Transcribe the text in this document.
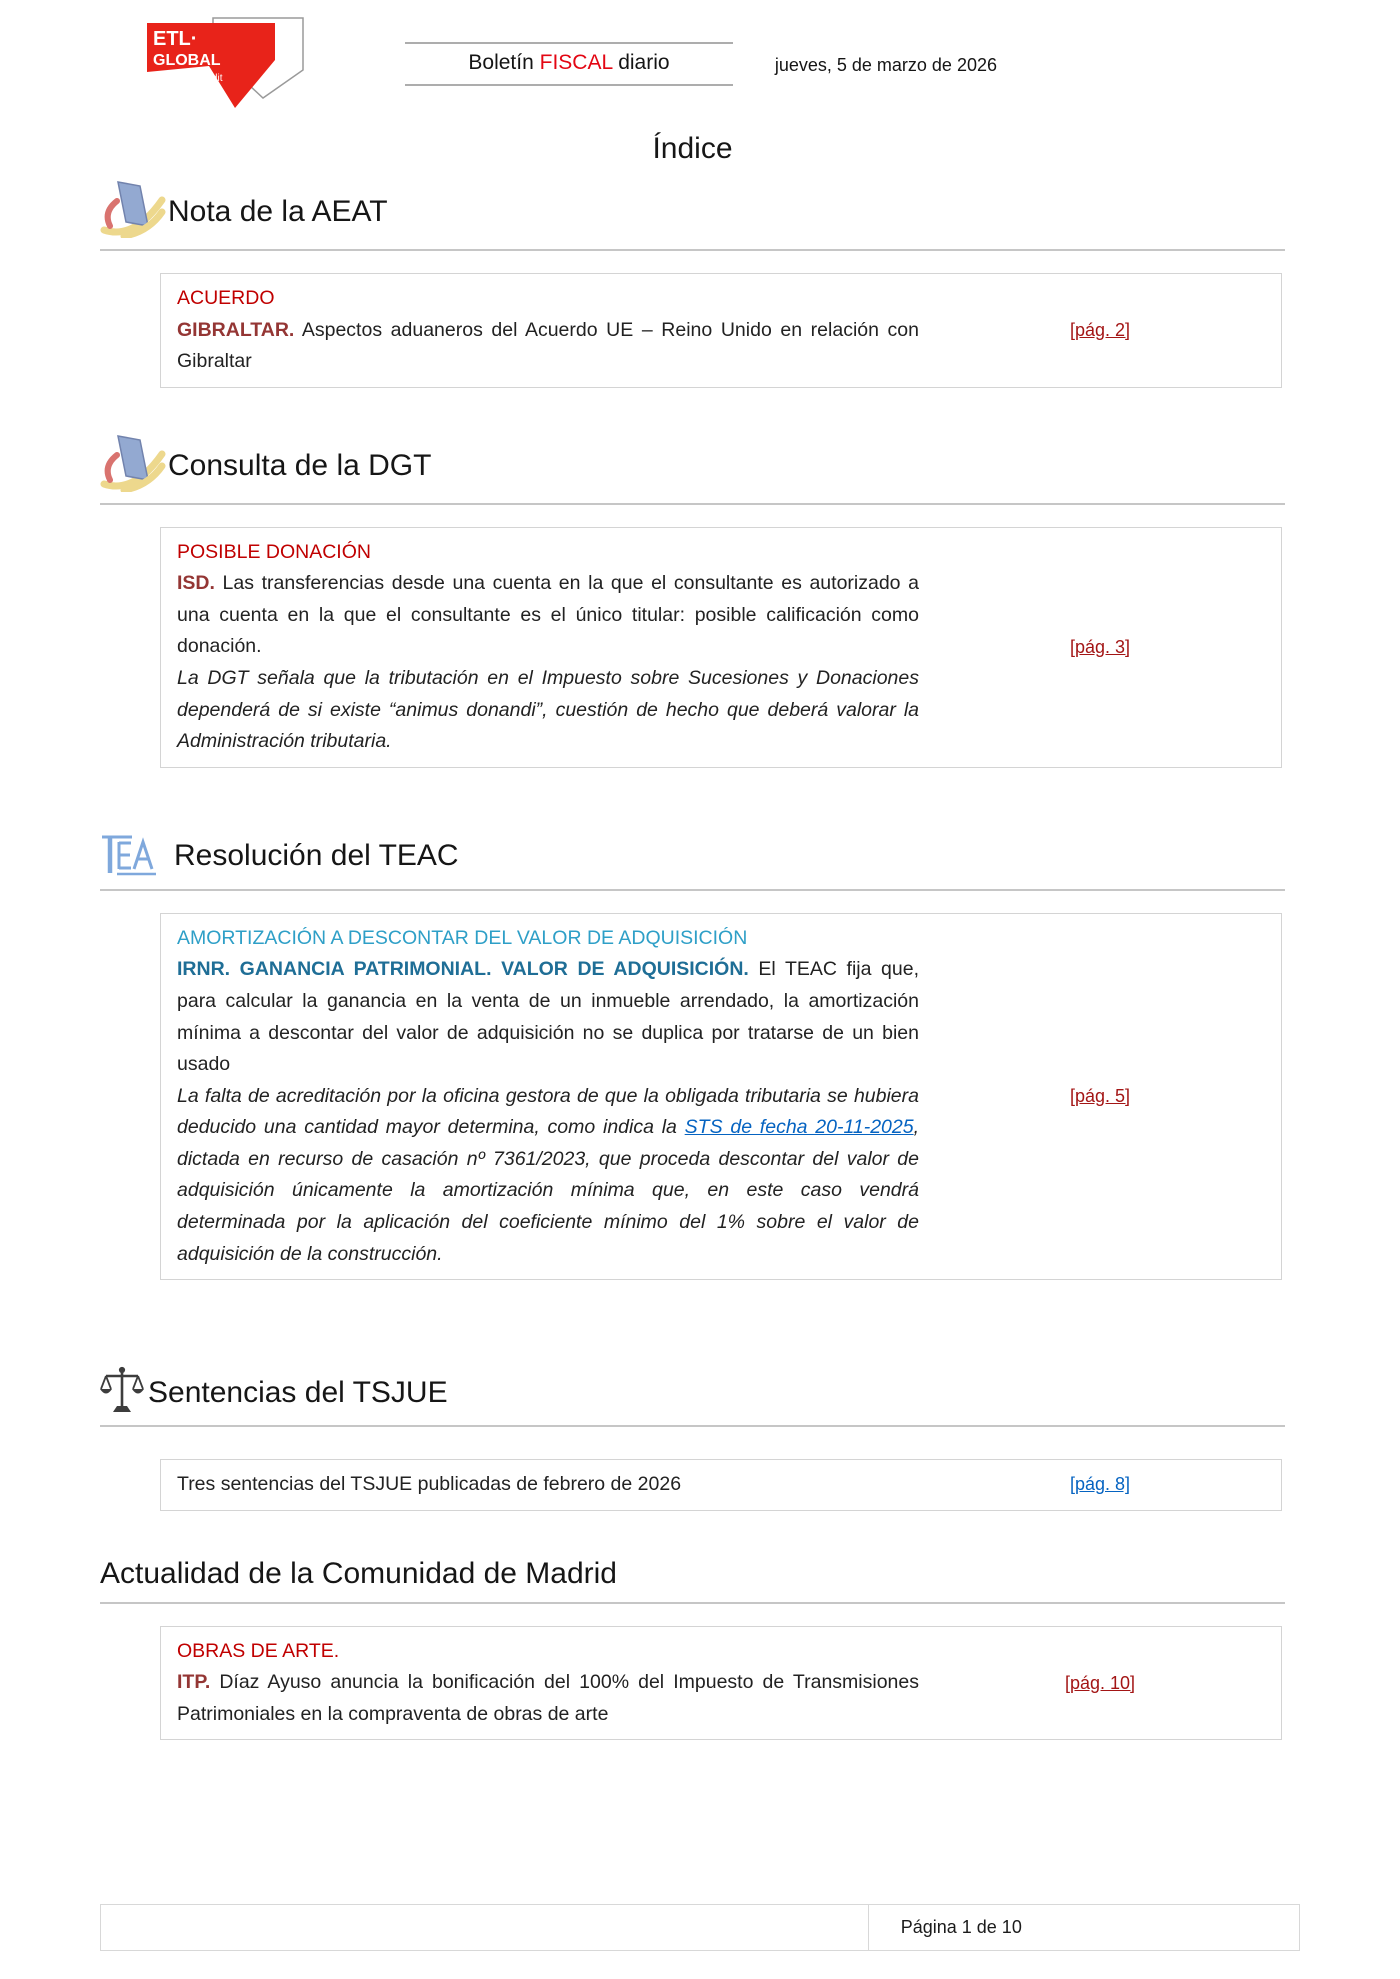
ETL·
GLOBAL
Tax·Legal·Audit
Boletín FISCAL diario	jueves, 5 de marzo de 2026
Índice
Nota de la AEAT
ACUERDO
GIBRALTAR. Aspectos aduaneros del Acuerdo UE – Reino Unido en relación con Gibraltar
[pág. 2]
Consulta de la DGT
POSIBLE DONACIÓN
ISD. Las transferencias desde una cuenta en la que el consultante es autorizado a una cuenta en la que el consultante es el único titular: posible calificación como donación.
La DGT señala que la tributación en el Impuesto sobre Sucesiones y Donaciones dependerá de si existe “animus donandi”, cuestión de hecho que deberá valorar la Administración tributaria.
[pág. 3]
Resolución del TEAC
AMORTIZACIÓN A DESCONTAR DEL VALOR DE ADQUISICIÓN
IRNR. GANANCIA PATRIMONIAL. VALOR DE ADQUISICIÓN. El TEAC fija que, para calcular la ganancia en la venta de un inmueble arrendado, la amortización mínima a descontar del valor de adquisición no se duplica por tratarse de un bien usado
La falta de acreditación por la oficina gestora de que la obligada tributaria se hubiera deducido una cantidad mayor determina, como indica la STS de fecha 20-11-2025, dictada en recurso de casación nº 7361/2023, que proceda descontar del valor de adquisición únicamente la amortización mínima que, en este caso vendrá determinada por la aplicación del coeficiente mínimo del 1% sobre el valor de adquisición de la construcción.
[pág. 5]
Sentencias del TSJUE
Tres sentencias del TSJUE publicadas de febrero de 2026	[pág. 8]
Actualidad de la Comunidad de Madrid
OBRAS DE ARTE.
ITP. Díaz Ayuso anuncia la bonificación del 100% del Impuesto de Transmisiones Patrimoniales en la compraventa de obras de arte
[pág. 10]
Página 1 de 10
